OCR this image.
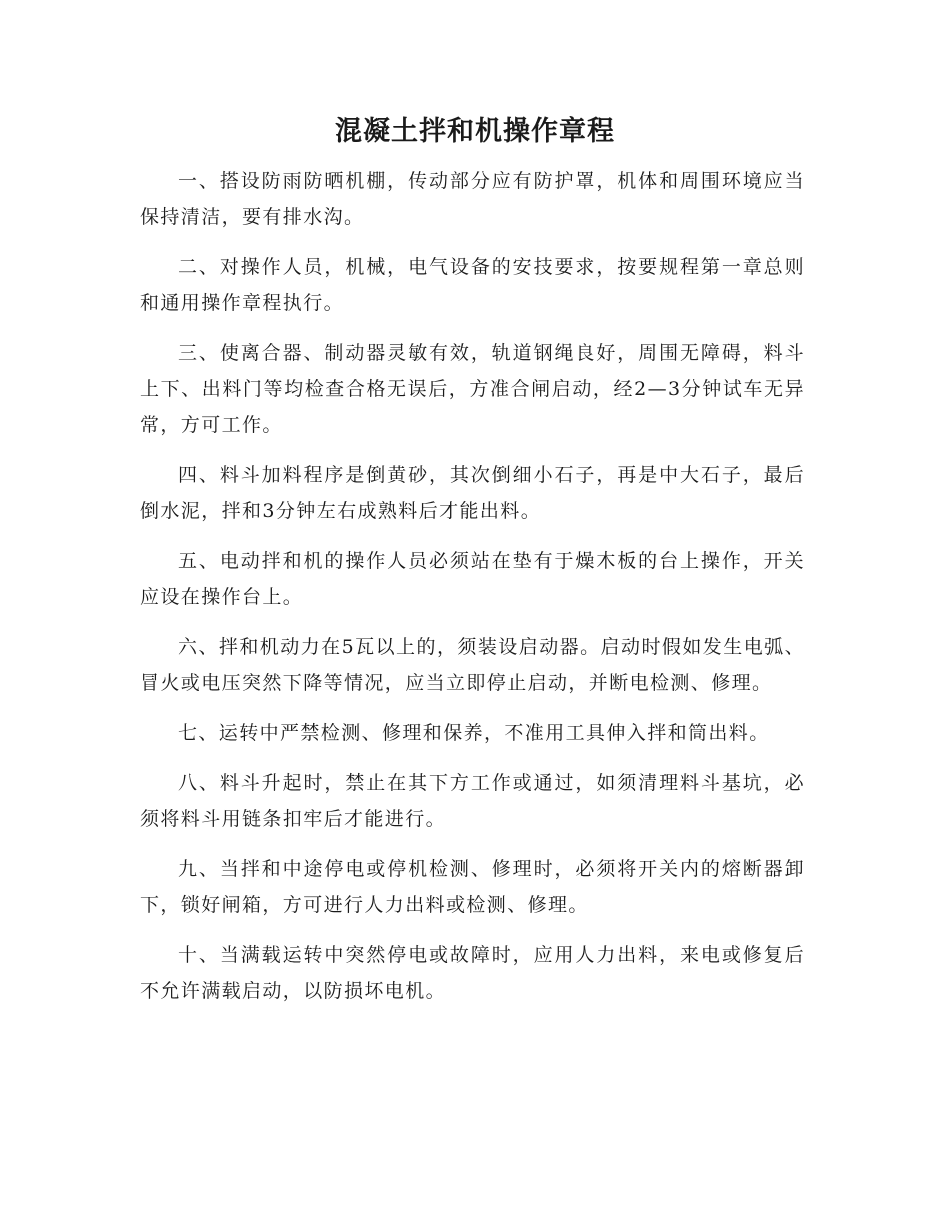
混凝土拌和机操作章程

一、搭设防雨防晒机棚，传动部分应有防护罩，机体和周围环境应当保持清洁，要有排水沟。

二、对操作人员，机械，电气设备的安技要求，按要规程第一章总则和通用操作章程执行。

三、使离合器、制动器灵敏有效，轨道钢绳良好，周围无障碍，料斗上下、出料门等均检查合格无误后，方准合闸启动，经2—3分钟试车无异常，方可工作。

四、料斗加料程序是倒黄砂，其次倒细小石子，再是中大石子，最后倒水泥，拌和3分钟左右成熟料后才能出料。

五、电动拌和机的操作人员必须站在垫有于燥木板的台上操作，开关应设在操作台上。

六、拌和机动力在5瓦以上的，须装设启动器。启动时假如发生电弧、冒火或电压突然下降等情况，应当立即停止启动，并断电检测、修理。

七、运转中严禁检测、修理和保养，不准用工具伸入拌和筒出料。

八、料斗升起时，禁止在其下方工作或通过，如须清理料斗基坑，必须将料斗用链条扣牢后才能进行。

九、当拌和中途停电或停机检测、修理时，必须将开关内的熔断器卸下，锁好闸箱，方可进行人力出料或检测、修理。

十、当满载运转中突然停电或故障时，应用人力出料，来电或修复后不允许满载启动，以防损坏电机。
